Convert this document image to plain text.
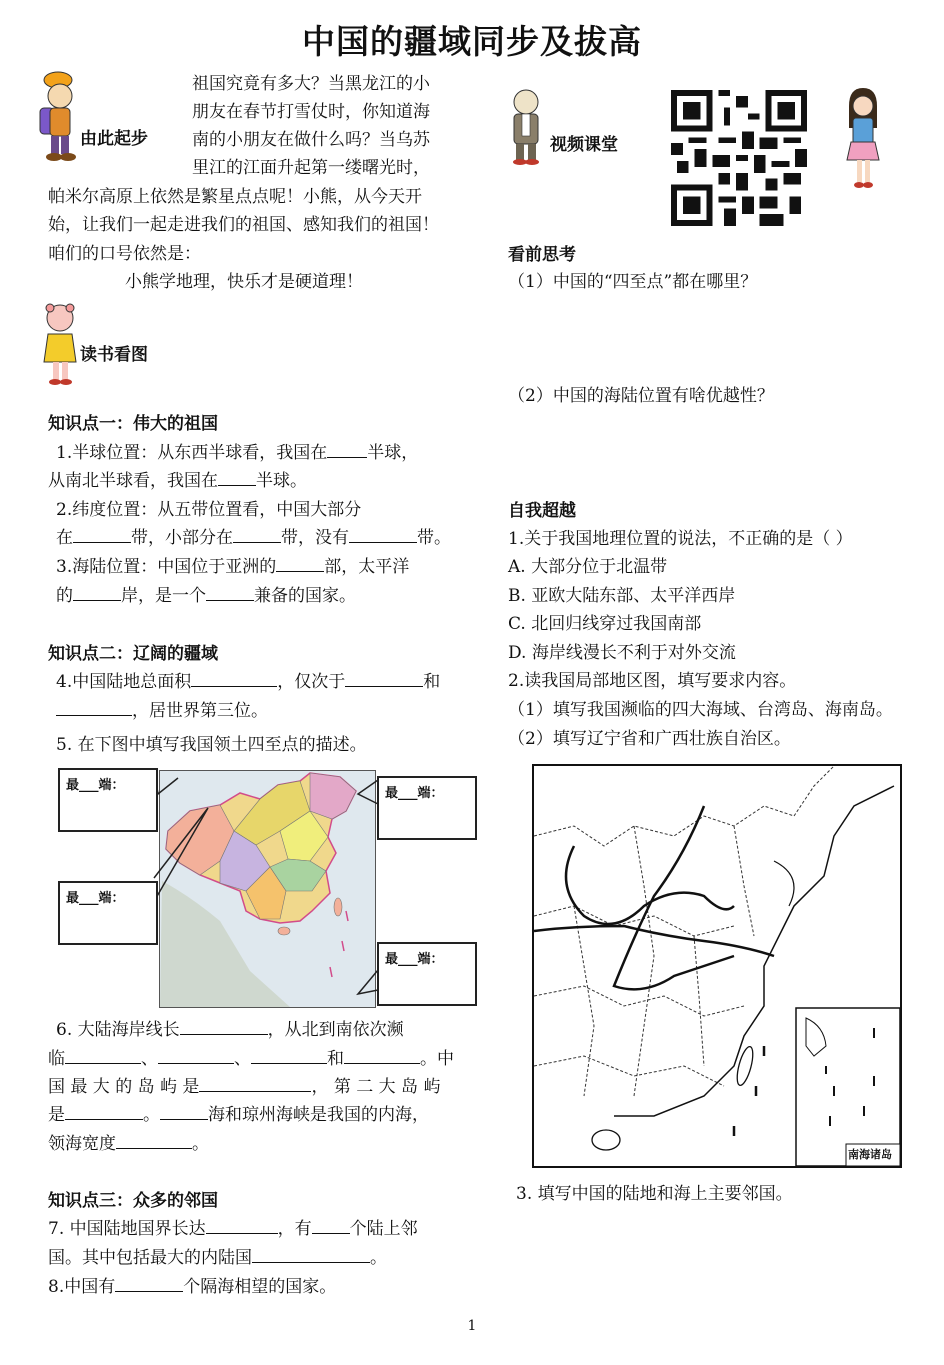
中国的疆域同步及拔高
由此起步
祖国究竟有多大？当黑龙江的小
朋友在春节打雪仗时，你知道海
南的小朋友在做什么吗？当乌苏
里江的江面升起第一缕曙光时，
帕米尔高原上依然是繁星点点呢！小熊，从今天开
始，让我们一起走进我们的祖国、感知我们的祖国！
咱们的口号依然是：
小熊学地理，快乐才是硬道理！
读书看图
知识点一：伟大的祖国
1.半球位置：从东西半球看，我国在 半球，
从南北半球看，我国在 半球。
2.纬度位置：从五带位置看，中国大部分
在	带，小部分在	带，没有	带。
3.海陆位置：中国位于亚洲的	部，太平洋
的	岸，是一个	兼备的国家。
知识点二：辽阔的疆域
4.中国陆地总面积	，仅次于	和
，居世界第三位。
5. 在下图中填写我国领土四至点的描述。
最___端：
最___端：
最___端：
最___端：
6. 大陆海岸线长	，从北到南依次濒
临	、	、	和	。中
国 最 大 的 岛 屿 是	， 第 二 大 岛 屿
是	。	海和琼州海峡是我国的内海，
领海宽度	。
知识点三：众多的邻国
7. 中国陆地国界长达	，有 个陆上邻
国。其中包括最大的内陆国	。
8.中国有	个隔海相望的国家。
视频课堂
看前思考
（1）中国的“四至点”都在哪里？
（2）中国的海陆位置有啥优越性？
自我超越
1.关于我国地理位置的说法，不正确的是（ ）
A. 大部分位于北温带
B. 亚欧大陆东部、太平洋西岸
C. 北回归线穿过我国南部
D. 海岸线漫长不利于对外交流
2.读我国局部地区图，填写要求内容。
（1）填写我国濒临的四大海域、台湾岛、海南岛。
（2）填写辽宁省和广西壮族自治区。
南海诸岛
3. 填写中国的陆地和海上主要邻国。
1
